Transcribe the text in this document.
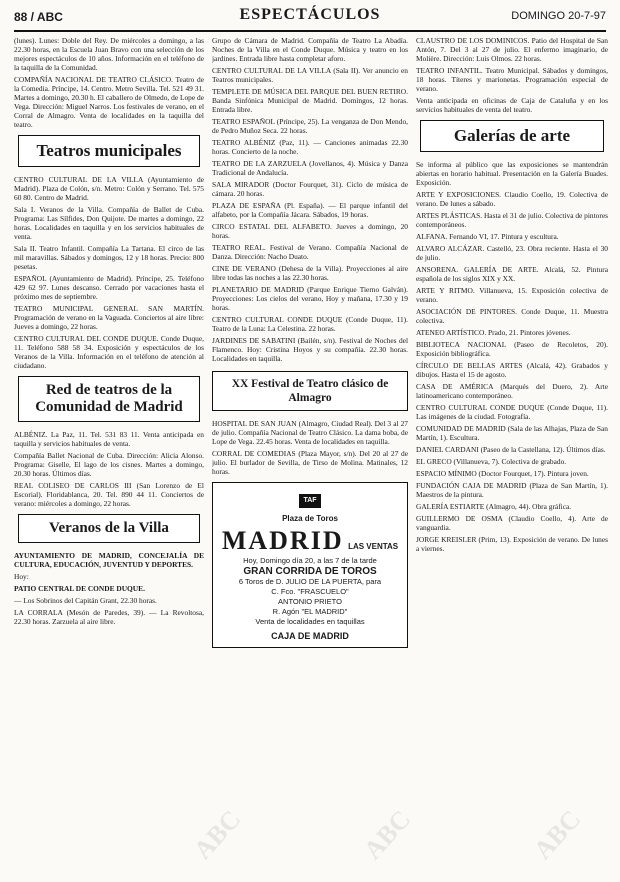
88 / ABC	ESPECTÁCULOS	DOMINGO 20-7-97

(lunes). Lunes: Doble del Rey. De miércoles a domingo, a las 22.30 horas, en la Escuela Juan Bravo con una selección de los mejores espectáculos de 10 años. Información en el teléfono de la taquilla de la Comunidad.

COMPAÑÍA NACIONAL DE TEATRO CLÁSICO. Teatro de la Comedia. Príncipe, 14. Centro. Metro Sevilla. Tel. 521 49 31. Martes a domingo, 20.30 h. El caballero de Olmedo, de Lope de Vega. Dirección: Miguel Narros. Los festivales de verano, en el Corral de Almagro. Venta de localidades en la taquilla del teatro.

Teatros municipales

CENTRO CULTURAL DE LA VILLA (Ayuntamiento de Madrid). Plaza de Colón, s/n. Metro: Colón y Serrano. Tel. 575 60 80. Centro de Madrid.

Sala I. Veranos de la Villa. Compañía de Ballet de Cuba. Programa: Las Sílfides, Don Quijote. De martes a domingo, 22 horas. Localidades en taquilla y en los servicios habituales de venta.

Sala II. Teatro Infantil. Compañía La Tartana. El circo de las mil maravillas. Sábados y domingos, 12 y 18 horas. Precio: 800 pesetas.

ESPAÑOL (Ayuntamiento de Madrid). Príncipe, 25. Teléfono 429 62 97. Lunes descanso. Cerrado por vacaciones hasta el próximo mes de septiembre.

TEATRO MUNICIPAL GENERAL SAN MARTÍN. Programación de verano en la Vaguada. Conciertos al aire libre: Jueves a domingo, 22 horas.

CENTRO CULTURAL DEL CONDE DUQUE. Conde Duque, 11. Teléfono 588 58 34. Exposición y espectáculos de los Veranos de la Villa. Información en el teléfono de atención al ciudadano.

Red de teatros de la Comunidad de Madrid

ALBÉNIZ. La Paz, 11. Tel. 531 83 11. Venta anticipada en taquilla y servicios habituales de venta.

Compañía Ballet Nacional de Cuba. Dirección: Alicia Alonso. Programa: Giselle, El lago de los cisnes. Martes a domingo, 20.30 horas. Últimos días.

REAL COLISEO DE CARLOS III (San Lorenzo de El Escorial). Floridablanca, 20. Tel. 890 44 11. Conciertos de verano: miércoles a domingo, 22 horas.

Veranos de la Villa

AYUNTAMIENTO DE MADRID, CONCEJALÍA DE CULTURA, EDUCACIÓN, JUVENTUD Y DEPORTES.

Hoy:

PATIO CENTRAL DE CONDE DUQUE.

— Los Sobrinos del Capitán Grant, 22.30 horas.

LA CORRALA (Mesón de Paredes, 39). — La Revoltosa, 22.30 horas. Zarzuela al aire libre.

Grupo de Cámara de Madrid. Compañía de Teatro La Abadía. Noches de la Villa en el Conde Duque. Música y teatro en los jardines. Entrada libre hasta completar aforo.

CENTRO CULTURAL DE LA VILLA (Sala II). Ver anuncio en Teatros municipales.

TEMPLETE DE MÚSICA DEL PARQUE DEL BUEN RETIRO. Banda Sinfónica Municipal de Madrid. Domingos, 12 horas. Entrada libre.

TEATRO ESPAÑOL (Príncipe, 25). La venganza de Don Mendo, de Pedro Muñoz Seca. 22 horas.

TEATRO ALBÉNIZ (Paz, 11). — Canciones animadas 22.30 horas. Concierto de la noche.

TEATRO DE LA ZARZUELA (Jovellanos, 4). Música y Danza Tradicional de Andalucía.

SALA MIRADOR (Doctor Fourquet, 31). Ciclo de música de cámara. 20 horas.

PLAZA DE ESPAÑA (Pl. España). — El parque infantil del alfabeto, por la Compañía Jácara. Sábados, 19 horas.

CIRCO ESTATAL DEL ALFABETO. Jueves a domingo, 20 horas.

TEATRO REAL. Festival de Verano. Compañía Nacional de Danza. Dirección: Nacho Duato.

CINE DE VERANO (Dehesa de la Villa). Proyecciones al aire libre todas las noches a las 22.30 horas.

PLANETARIO DE MADRID (Parque Enrique Tierno Galván). Proyecciones: Los cielos del verano, Hoy y mañana, 17.30 y 19 horas.

CENTRO CULTURAL CONDE DUQUE (Conde Duque, 11). Teatro de la Luna: La Celestina. 22 horas.

JARDINES DE SABATINI (Bailén, s/n). Festival de Noches del Flamenco. Hoy: Cristina Hoyos y su compañía. 22.30 horas. Localidades en taquilla.

XX Festival de Teatro clásico de Almagro

HOSPITAL DE SAN JUAN (Almagro, Ciudad Real). Del 3 al 27 de julio. Compañía Nacional de Teatro Clásico. La dama boba, de Lope de Vega. 22.45 horas. Venta de localidades en taquilla.

CORRAL DE COMEDIAS (Plaza Mayor, s/n). Del 20 al 27 de julio. El burlador de Sevilla, de Tirso de Molina. Matinales, 12 horas.

TAF
Plaza de Toros MADRID LAS VENTAS
Hoy, Domingo día 20, a las 7 de la tarde
GRAN CORRIDA DE TOROS
6 Toros de D. JULIO DE LA PUERTA, para
C. Fco. "FRASCUELO"
ANTONIO PRIETO
R. Agón "EL MADRID"
Venta de localidades en taquillas
CAJA DE MADRID

CLAUSTRO DE LOS DOMINICOS. Patio del Hospital de San Antón, 7. Del 3 al 27 de julio. El enfermo imaginario, de Molière. Dirección: Luis Olmos. 22 horas.

TEATRO INFANTIL. Teatro Municipal. Sábados y domingos, 18 horas. Títeres y marionetas. Programación especial de verano.

Venta anticipada en oficinas de Caja de Cataluña y en los servicios habituales de venta del teatro.

Galerías de arte

Se informa al público que las exposiciones se mantendrán abiertas en horario habitual. Presentación en la Galería Buades. Exposición.

ARTE Y EXPOSICIONES. Claudio Coello, 19. Colectiva de verano. De lunes a sábado.

ARTES PLÁSTICAS. Hasta el 31 de julio. Colectiva de pintores contemporáneos.

ALFANA. Fernando VI, 17. Pintura y escultura.

ALVARO ALCÁZAR. Castelló, 23. Obra reciente. Hasta el 30 de julio.

ANSORENA. GALERÍA DE ARTE. Alcalá, 52. Pintura española de los siglos XIX y XX.

ARTE Y RITMO. Villanueva, 15. Exposición colectiva de verano.

ASOCIACIÓN DE PINTORES. Conde Duque, 11. Muestra colectiva.

ATENEO ARTÍSTICO. Prado, 21. Pintores jóvenes.

BIBLIOTECA NACIONAL (Paseo de Recoletos, 20). Exposición bibliográfica.

CÍRCULO DE BELLAS ARTES (Alcalá, 42). Grabados y dibujos. Hasta el 15 de agosto.

CASA DE AMÉRICA (Marqués del Duero, 2). Arte latinoamericano contemporáneo.

CENTRO CULTURAL CONDE DUQUE (Conde Duque, 11). Las imágenes de la ciudad. Fotografía.

COMUNIDAD DE MADRID (Sala de las Alhajas, Plaza de San Martín, 1). Escultura.

DANIEL CARDANI (Paseo de la Castellana, 12). Últimos días.

EL GRECO (Villanueva, 7). Colectiva de grabado.

ESPACIO MÍNIMO (Doctor Fourquet, 17). Pintura joven.

FUNDACIÓN CAJA DE MADRID (Plaza de San Martín, 1). Maestros de la pintura.

GALERÍA ESTIARTE (Almagro, 44). Obra gráfica.

GUILLERMO DE OSMA (Claudio Coello, 4). Arte de vanguardia.

JORGE KREISLER (Prim, 13). Exposición de verano. De lunes a viernes.

ABC	ABC	ABC
